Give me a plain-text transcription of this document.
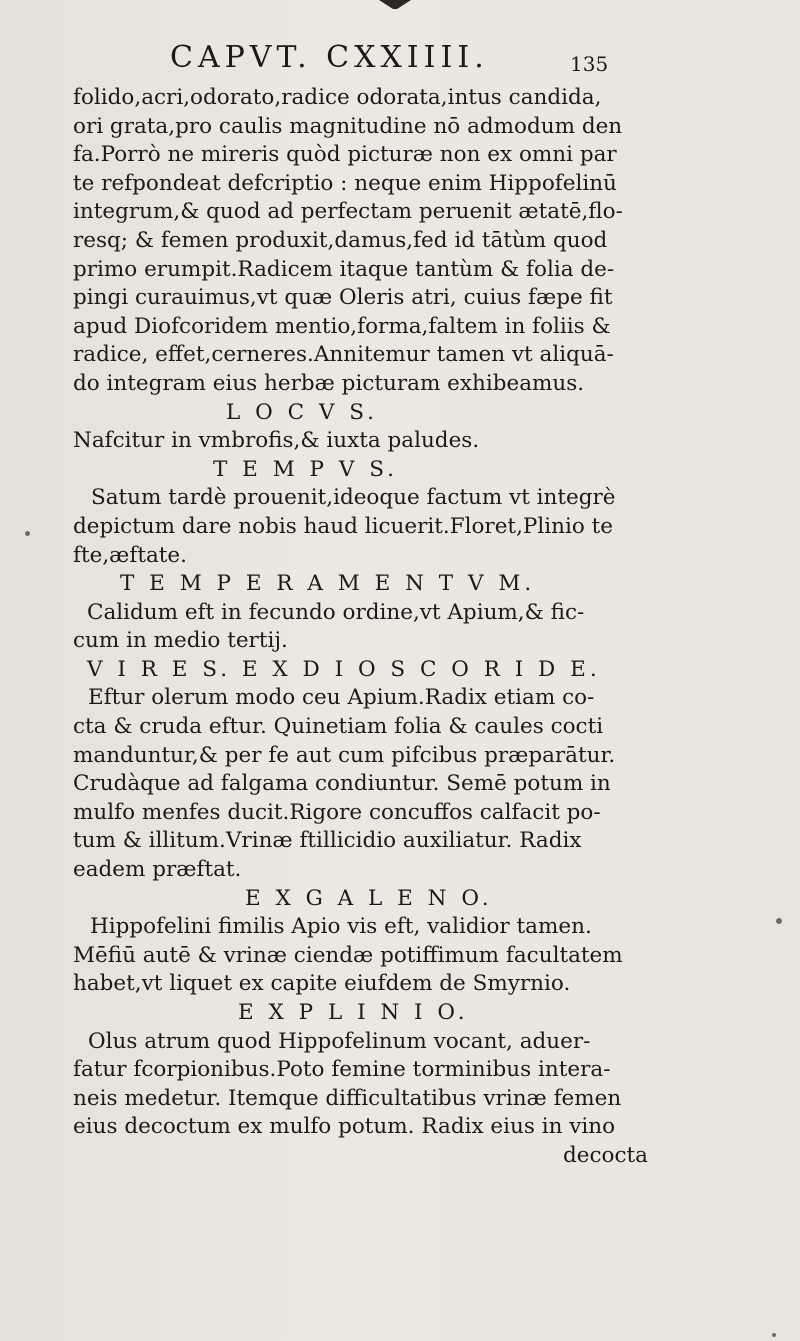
CAPVT. CXXIIII.	135
folido,acri,odorato,radice odorata,intus candida,
ori grata,pro caulis magnitudine nō admodum den
fa.Porrò ne mireris quòd picturæ non ex omni par
te refpondeat defcriptio : neque enim Hippofelinū
integrum,& quod ad perfectam peruenit ætatē,flo-
resq; & femen produxit,damus,fed id tātùm quod
primo erumpit.Radicem itaque tantùm & folia de-
pingi curauimus,vt quæ Oleris atri, cuius fæpe fit
apud Diofcoridem mentio,forma,faltem in foliis &
radice, effet,cerneres.Annitemur tamen vt aliquā-
do integram eius herbæ picturam exhibeamus.
L O C V S.
Nafcitur in vmbrofis,& iuxta paludes.
T E M P V S.
Satum tardè prouenit,ideoque factum vt integrè
depictum dare nobis haud licuerit.Floret,Plinio te
fte,æftate.
T E M P E R A M E N T V M.
Calidum eft in fecundo ordine,vt Apium,& fic-
cum in medio tertij.
V I R E S. E X D I O S C O R I D E.
Eftur olerum modo ceu Apium.Radix etiam co-
cta & cruda eftur. Quinetiam folia & caules cocti
manduntur,& per fe aut cum pifcibus præparātur.
Crudàque ad falgama condiuntur. Semē potum in
mulfo menfes ducit.Rigore concuffos calfacit po-
tum & illitum.Vrinæ ftillicidio auxiliatur. Radix
eadem præftat.
E X G A L E N O.
Hippofelini fimilis Apio vis eft, validior tamen.
Mēfiū autē & vrinæ ciendæ potiffimum facultatem
habet,vt liquet ex capite eiufdem de Smyrnio.
E X P L I N I O.
Olus atrum quod Hippofelinum vocant, aduer-
fatur fcorpionibus.Poto femine torminibus intera-
neis medetur. Itemque difficultatibus vrinæ femen
eius decoctum ex mulfo potum. Radix eius in vino
decocta
